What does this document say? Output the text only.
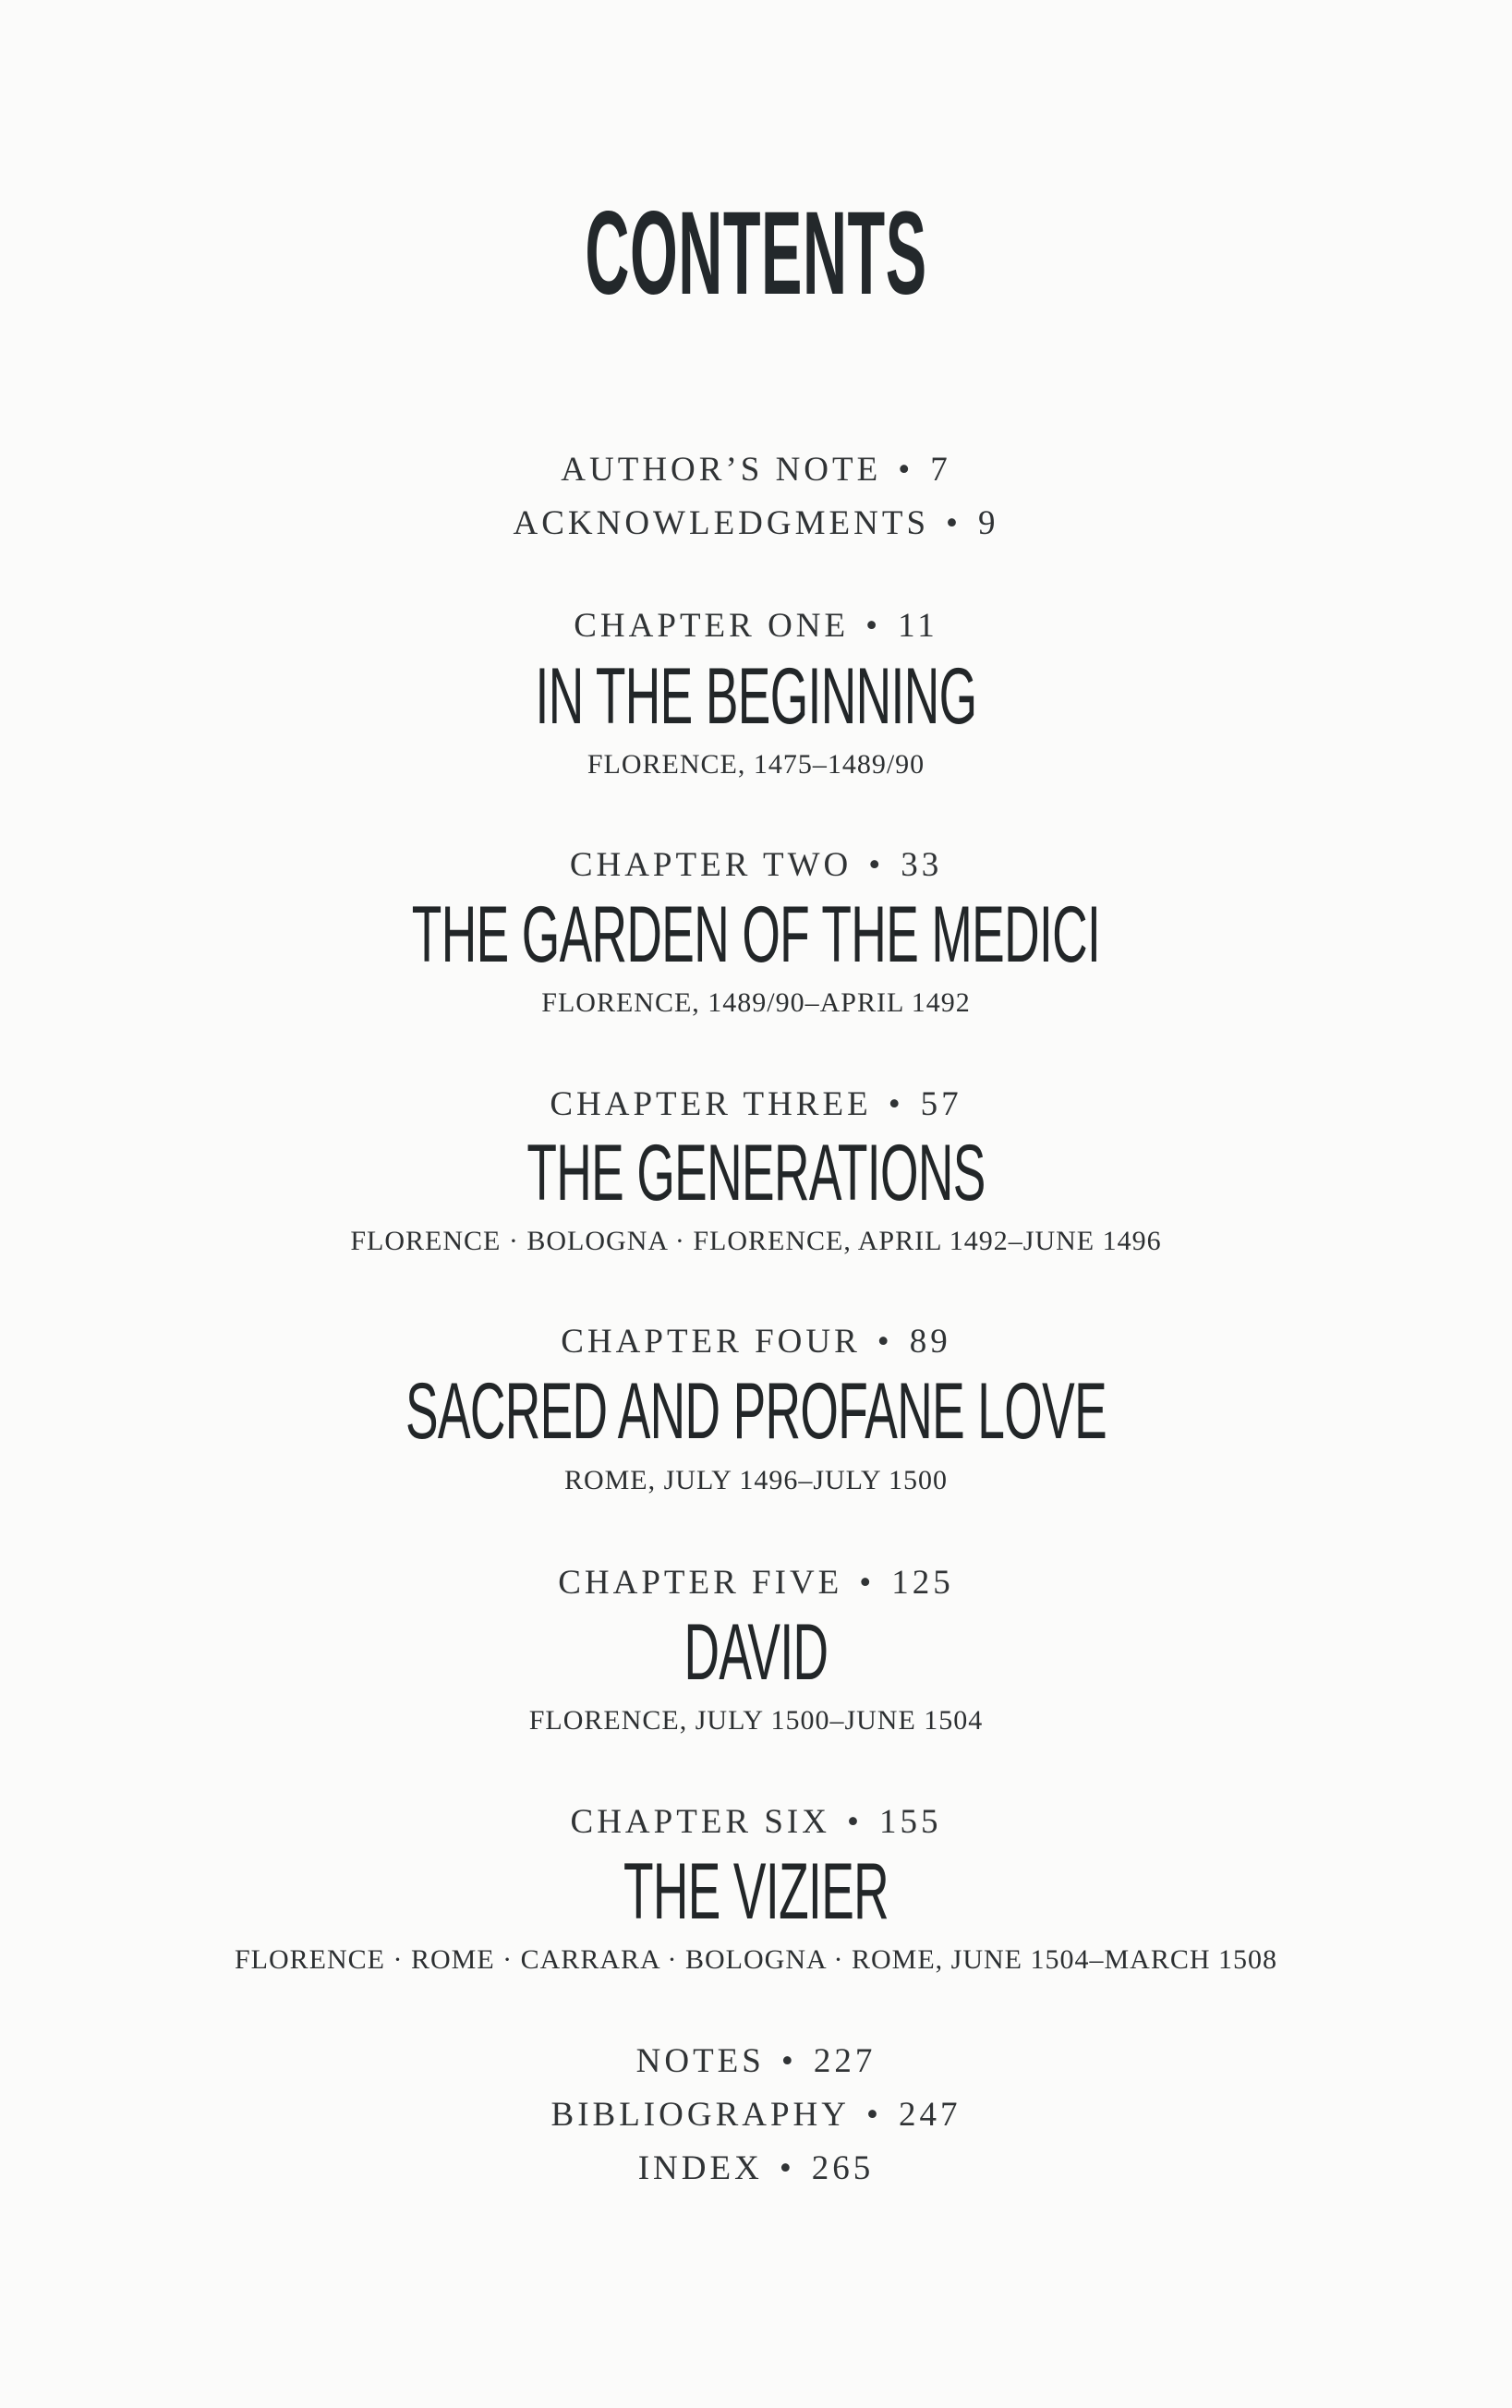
CONTENTS
AUTHOR’S NOTE • 7
ACKNOWLEDGMENTS • 9
CHAPTER ONE • 11
IN THE BEGINNING
FLORENCE, 1475–1489/90
CHAPTER TWO • 33
THE GARDEN OF THE MEDICI
FLORENCE, 1489/90–APRIL 1492
CHAPTER THREE • 57
THE GENERATIONS
FLORENCE · BOLOGNA · FLORENCE, APRIL 1492–JUNE 1496
CHAPTER FOUR • 89
SACRED AND PROFANE LOVE
ROME, JULY 1496–JULY 1500
CHAPTER FIVE • 125
DAVID
FLORENCE, JULY 1500–JUNE 1504
CHAPTER SIX • 155
THE VIZIER
FLORENCE · ROME · CARRARA · BOLOGNA · ROME, JUNE 1504–MARCH 1508
NOTES • 227
BIBLIOGRAPHY • 247
INDEX • 265
